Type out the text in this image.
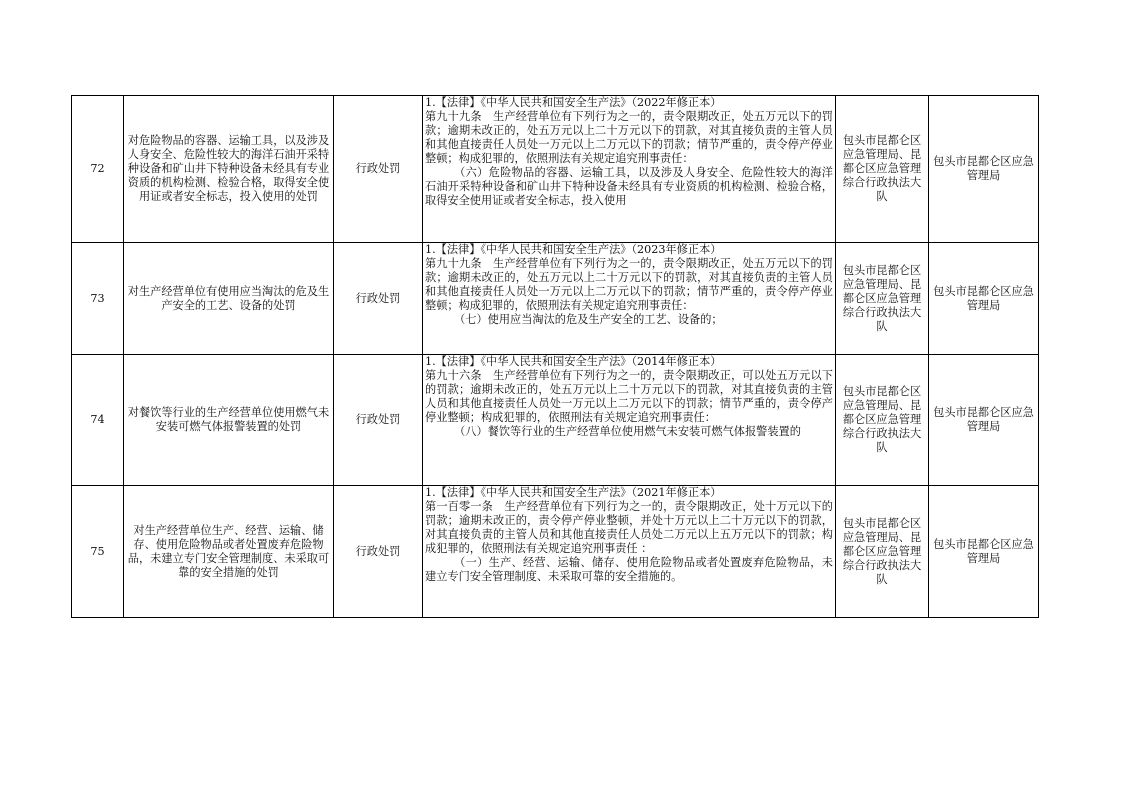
72	对危险物品的容器、运输工具，以及涉及人身安全、危险性较大的海洋石油开采特种设备和矿山井下特种设备未经具有专业资质的机构检测、检验合格，取得安全使用证或者安全标志，投入使用的处罚	行政处罚	1.【法律】《中华人民共和国安全生产法》（2022年修正本）

第九十九条　生产经营单位有下列行为之一的，责令限期改正，处五万元以下的罚款；逾期未改正的，处五万元以上二十万元以下的罚款，对其直接负责的主管人员和其他直接责任人员处一万元以上二万元以下的罚款；情节严重的，责令停产停业整顿；构成犯罪的，依照刑法有关规定追究刑事责任：

（六）危险物品的容器、运输工具，以及涉及人身安全、危险性较大的海洋石油开采特种设备和矿山井下特种设备未经具有专业资质的机构检测、检验合格，取得安全使用证或者安全标志，投入使用	包头市昆都仑区应急管理局、昆都仑区应急管理综合行政执法大队	包头市昆都仑区应急管理局
73	对生产经营单位有使用应当淘汰的危及生产安全的工艺、设备的处罚	行政处罚	1.【法律】《中华人民共和国安全生产法》（2023年修正本）

第九十九条　生产经营单位有下列行为之一的，责令限期改正，处五万元以下的罚款；逾期未改正的，处五万元以上二十万元以下的罚款，对其直接负责的主管人员和其他直接责任人员处一万元以上二万元以下的罚款；情节严重的，责令停产停业整顿；构成犯罪的，依照刑法有关规定追究刑事责任：

（七）使用应当淘汰的危及生产安全的工艺、设备的；	包头市昆都仑区应急管理局、昆都仑区应急管理综合行政执法大队	包头市昆都仑区应急管理局
74	对餐饮等行业的生产经营单位使用燃气未安装可燃气体报警装置的处罚	行政处罚	1.【法律】《中华人民共和国安全生产法》（2014年修正本）

第九十六条　生产经营单位有下列行为之一的，责令限期改正，可以处五万元以下的罚款；逾期未改正的，处五万元以上二十万元以下的罚款，对其直接负责的主管人员和其他直接责任人员处一万元以上二万元以下的罚款；情节严重的，责令停产停业整顿；构成犯罪的，依照刑法有关规定追究刑事责任：

（八）餐饮等行业的生产经营单位使用燃气未安装可燃气体报警装置的	包头市昆都仑区应急管理局、昆都仑区应急管理综合行政执法大队	包头市昆都仑区应急管理局
75	对生产经营单位生产、经营、运输、储存、使用危险物品或者处置废弃危险物品，未建立专门安全管理制度、未采取可靠的安全措施的处罚	行政处罚	1.【法律】《中华人民共和国安全生产法》（2021年修正本）

第一百零一条　生产经营单位有下列行为之一的，责令限期改正，处十万元以下的罚款；逾期未改正的，责令停产停业整顿，并处十万元以上二十万元以下的罚款，对其直接负责的主管人员和其他直接责任人员处二万元以上五万元以下的罚款；构成犯罪的，依照刑法有关规定追究刑事责任 ：

（一）生产、经营、运输、储存、使用危险物品或者处置废弃危险物品，未建立专门安全管理制度、未采取可靠的安全措施的。	包头市昆都仑区应急管理局、昆都仑区应急管理综合行政执法大队	包头市昆都仑区应急管理局
